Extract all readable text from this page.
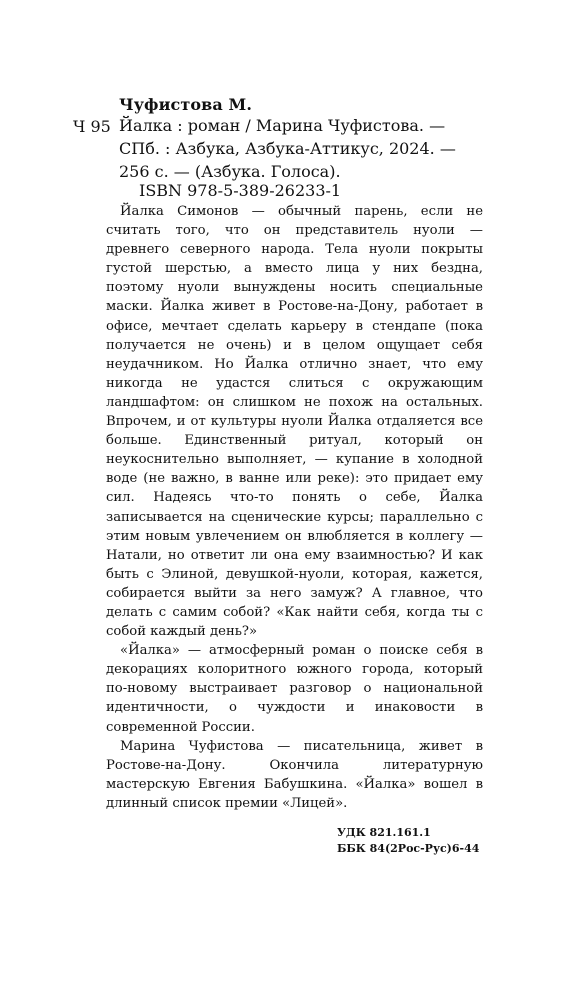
Чуфистова М.
Ч 95 Йалка : роман / Марина Чуфистова. — СПб. : Азбука, Азбука-Аттикус, 2024. — 256 с. — (Азбука. Голоса).
ISBN 978-5-389-26233-1

Йалка Симонов — обычный парень, если не считать того, что он представитель нуоли — древнего северного народа. Тела нуоли покрыты густой шерстью, а вместо лица у них бездна, поэтому нуоли вынуждены носить специальные маски. Йалка живет в Ростове-на-Дону, работает в офисе, мечтает сделать карьеру в стендапе (пока получается не очень) и в целом ощущает себя неудачником. Но Йалка отлично знает, что ему никогда не удастся слиться с окружающим ландшафтом: он слишком не похож на остальных. Впрочем, и от культуры нуоли Йалка отдаляется все больше. Единственный ритуал, который он неукоснительно выполняет, — купание в холодной воде (не важно, в ванне или реке): это придает ему сил. Надеясь что-то понять о себе, Йалка записывается на сценические курсы; параллельно с этим новым увлечением он влюбляется в коллегу — Натали, но ответит ли она ему взаимностью? И как быть с Элиной, девушкой-нуоли, которая, кажется, собирается выйти за него замуж? А главное, что делать с самим собой? «Как найти себя, когда ты с собой каждый день?»

«Йалка» — атмосферный роман о поиске себя в декорациях колоритного южного города, который по-новому выстраивает разговор о национальной идентичности, о чуждости и инаковости в современной России.

Марина Чуфистова — писательница, живет в Ростове-на-Дону. Окончила литературную мастерскую Евгения Бабушкина. «Йалка» вошел в длинный список премии «Лицей».

УДК 821.161.1
ББК 84(2Рос-Рус)6-44
